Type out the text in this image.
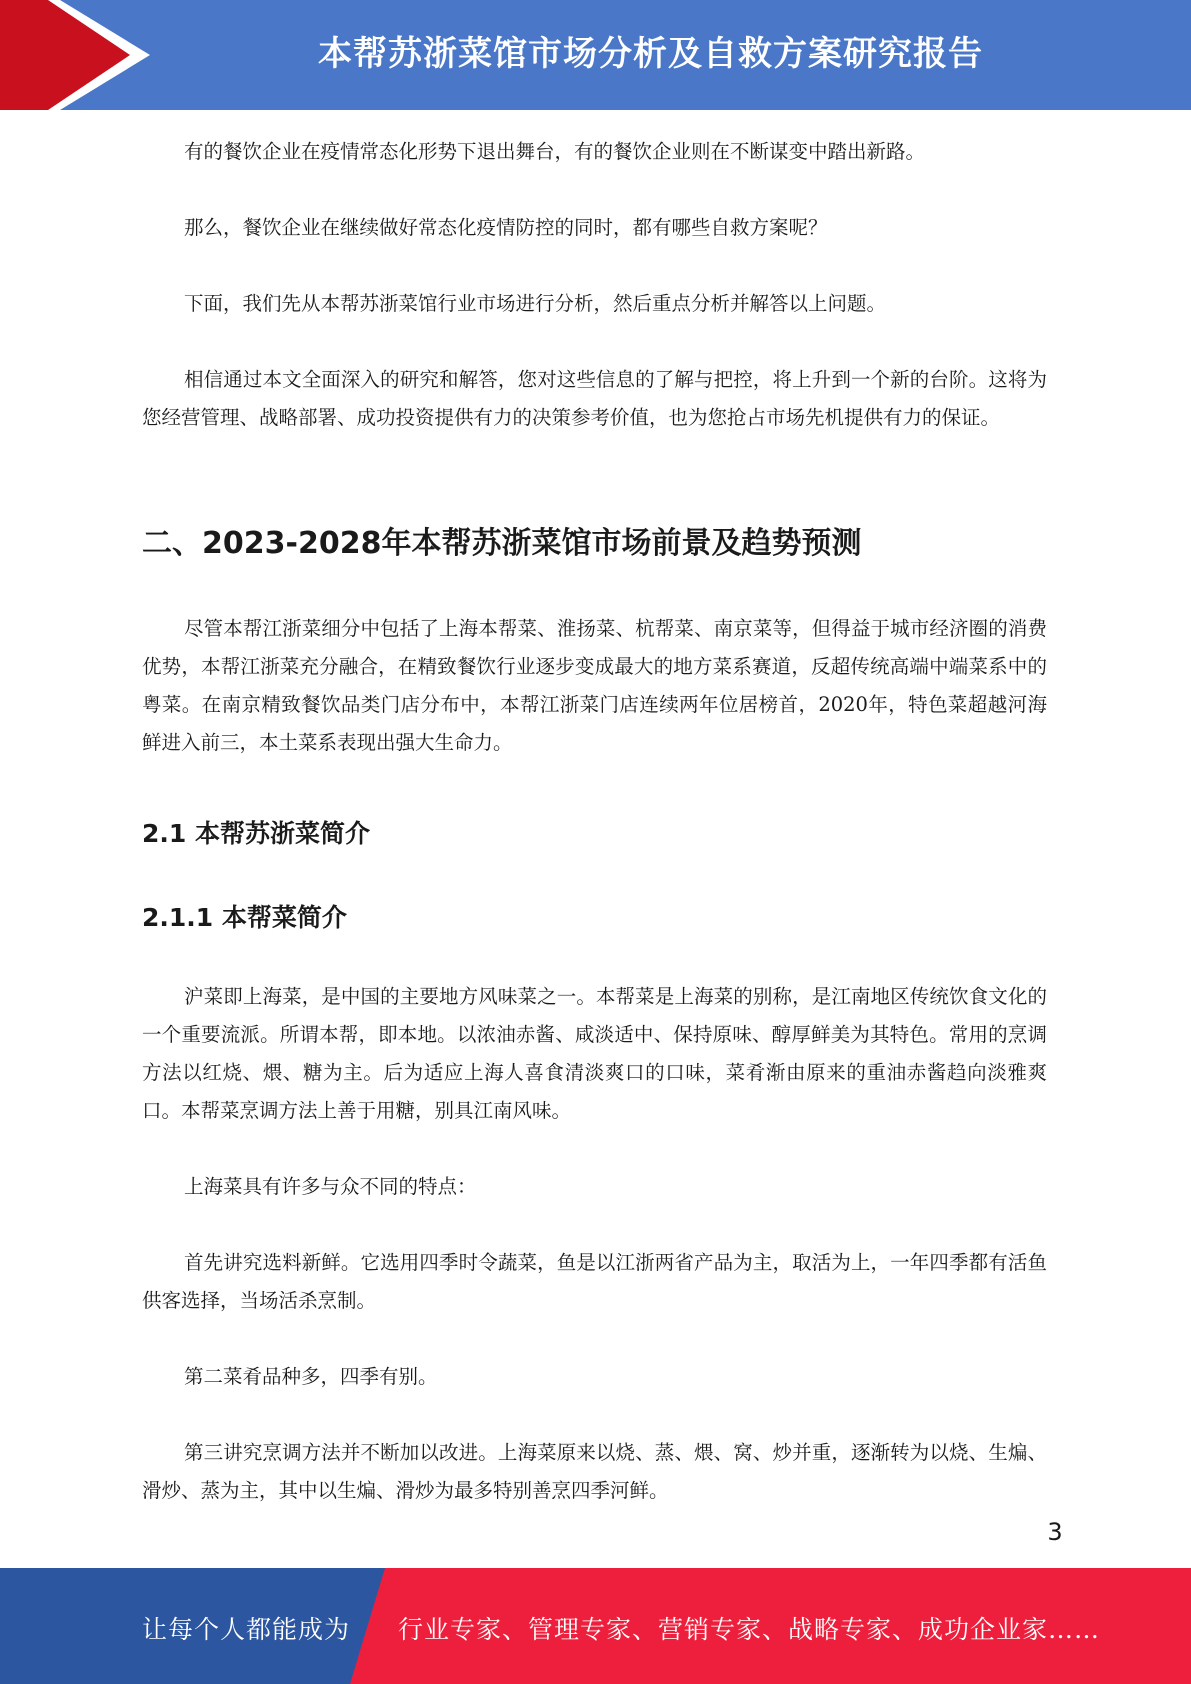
本帮苏浙菜馆市场分析及自救方案研究报告

有的餐饮企业在疫情常态化形势下退出舞台，有的餐饮企业则在不断谋变中踏出新路。

那么，餐饮企业在继续做好常态化疫情防控的同时，都有哪些自救方案呢？

下面，我们先从本帮苏浙菜馆行业市场进行分析，然后重点分析并解答以上问题。

相信通过本文全面深入的研究和解答，您对这些信息的了解与把控，将上升到一个新的台阶。这将为您经营管理、战略部署、成功投资提供有力的决策参考价值，也为您抢占市场先机提供有力的保证。

二、2023-2028年本帮苏浙菜馆市场前景及趋势预测

尽管本帮江浙菜细分中包括了上海本帮菜、淮扬菜、杭帮菜、南京菜等，但得益于城市经济圈的消费优势，本帮江浙菜充分融合，在精致餐饮行业逐步变成最大的地方菜系赛道，反超传统高端中端菜系中的粤菜。在南京精致餐饮品类门店分布中，本帮江浙菜门店连续两年位居榜首，2020年，特色菜超越河海鲜进入前三，本土菜系表现出强大生命力。

2.1 本帮苏浙菜简介
2.1.1 本帮菜简介

沪菜即上海菜，是中国的主要地方风味菜之一。本帮菜是上海菜的别称，是江南地区传统饮食文化的一个重要流派。所谓本帮，即本地。以浓油赤酱、咸淡适中、保持原味、醇厚鲜美为其特色。常用的烹调方法以红烧、煨、糖为主。后为适应上海人喜食清淡爽口的口味，菜肴渐由原来的重油赤酱趋向淡雅爽口。本帮菜烹调方法上善于用糖，别具江南风味。

上海菜具有许多与众不同的特点：

首先讲究选料新鲜。它选用四季时令蔬菜，鱼是以江浙两省产品为主，取活为上，一年四季都有活鱼供客选择，当场活杀烹制。

第二菜肴品种多，四季有别。

第三讲究烹调方法并不断加以改进。上海菜原来以烧、蒸、煨、窝、炒并重，逐渐转为以烧、生煸、滑炒、蒸为主，其中以生煸、滑炒为最多特别善烹四季河鲜。

3
让每个人都能成为 行业专家、管理专家、营销专家、战略专家、成功企业家……
